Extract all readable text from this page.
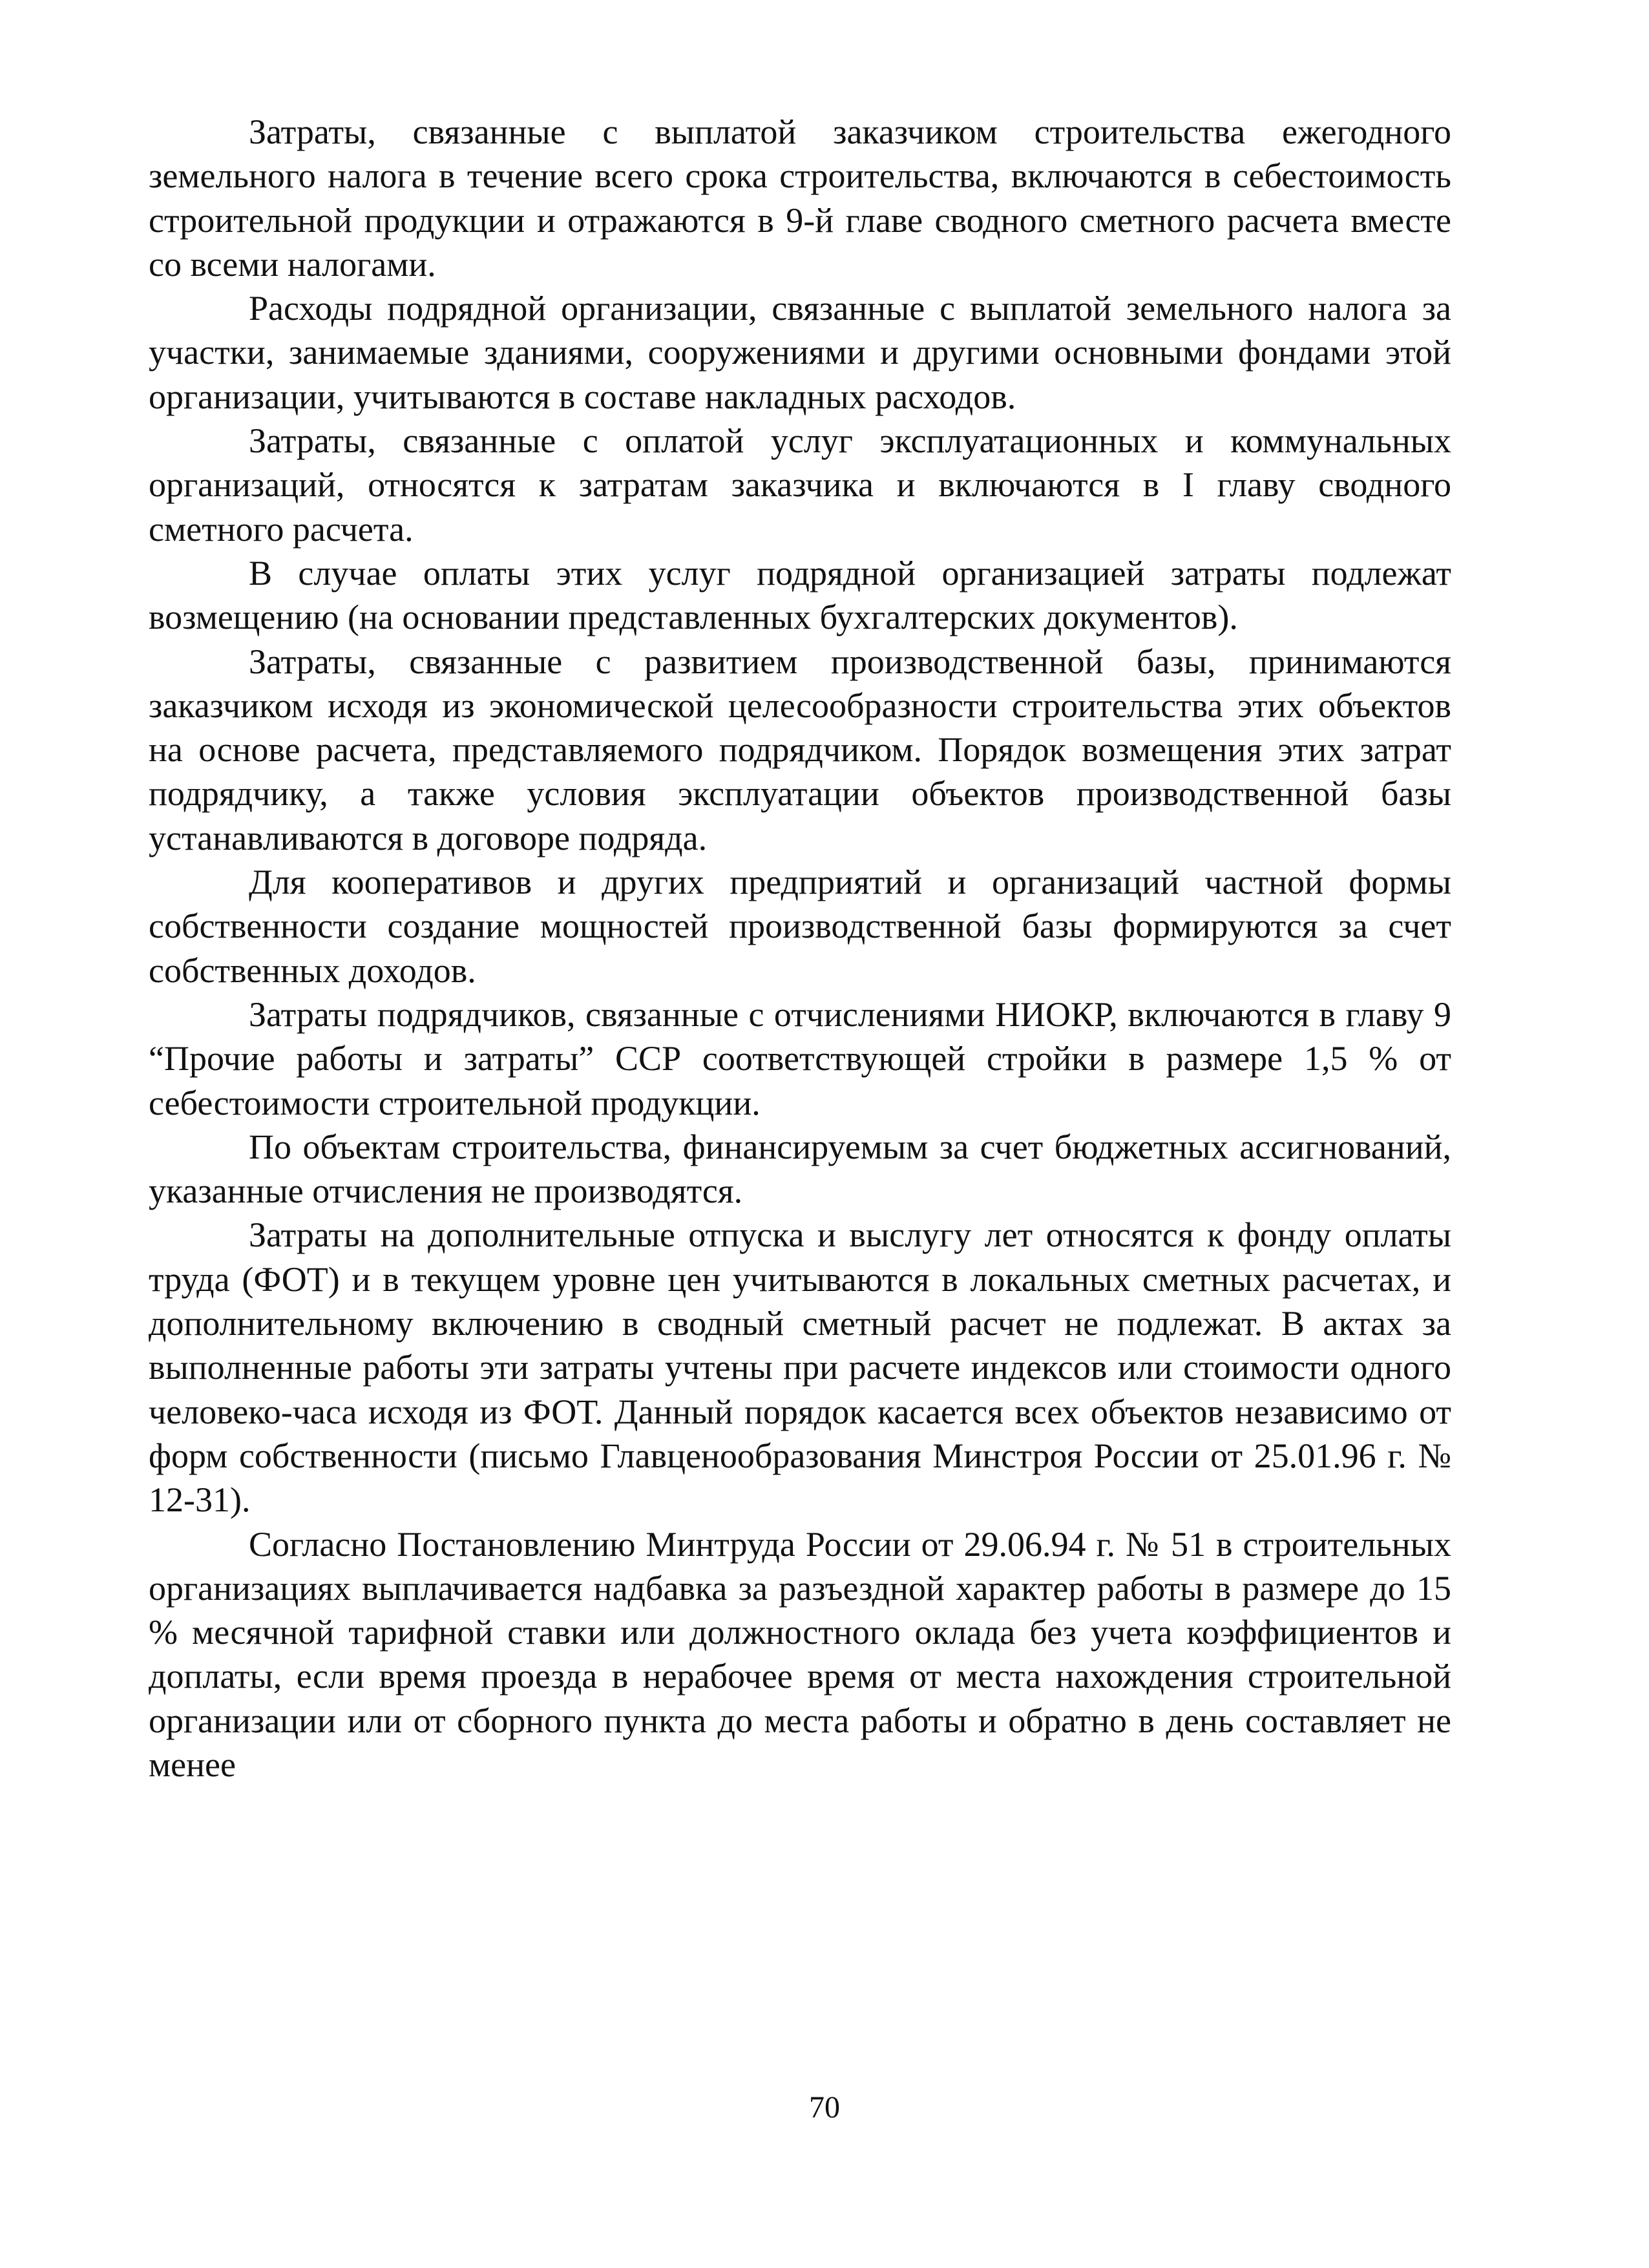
Затраты, связанные с выплатой заказчиком строительства ежегодного земельного налога в течение всего срока строительства, включаются в себестоимость строительной продукции и отражаются в 9-й главе сводного сметного расчета вместе со всеми налогами.

Расходы подрядной организации, связанные с выплатой земельного налога за участки, занимаемые зданиями, сооружениями и другими основными фондами этой организации, учитываются в составе накладных расходов.

Затраты, связанные с оплатой услуг эксплуатационных и коммунальных организаций, относятся к затратам заказчика и включаются в I главу сводного сметного расчета.

В случае оплаты этих услуг подрядной организацией затраты подлежат возмещению (на основании представленных бухгалтерских документов).

Затраты, связанные с развитием производственной базы, принимаются заказчиком исходя из экономической целесообразности строительства этих объектов на основе расчета, представляемого подрядчиком. Порядок возмещения этих затрат подрядчику, а также условия эксплуатации объектов производственной базы устанавливаются в договоре подряда.

Для кооперативов и других предприятий и организаций частной формы собственности создание мощностей производственной базы формируются за счет собственных доходов.

Затраты подрядчиков, связанные с отчислениями НИОКР, включаются в главу 9 “Прочие работы и затраты” ССР соответствующей стройки в размере 1,5 % от себестоимости строительной продукции.

По объектам строительства, финансируемым за счет бюджетных ассигнований, указанные отчисления не производятся.

Затраты на дополнительные отпуска и выслугу лет относятся к фонду оплаты труда (ФОТ) и в текущем уровне цен учитываются в локальных сметных расчетах, и дополнительному включению в сводный сметный расчет не подлежат. В актах за выполненные работы эти затраты учтены при расчете индексов или стоимости одного человеко-часа исходя из ФОТ. Данный порядок касается всех объектов независимо от форм собственности (письмо Главценообразования Минстроя России от 25.01.96 г. № 12-31).

Согласно Постановлению Минтруда России от 29.06.94 г. № 51 в строительных организациях выплачивается надбавка за разъездной характер работы в размере до 15 % месячной тарифной ставки или должностного оклада без учета коэффициентов и доплаты, если время проезда в нерабочее время от места нахождения строительной организации или от сборного пункта до места работы и обратно в день составляет не менее

70
